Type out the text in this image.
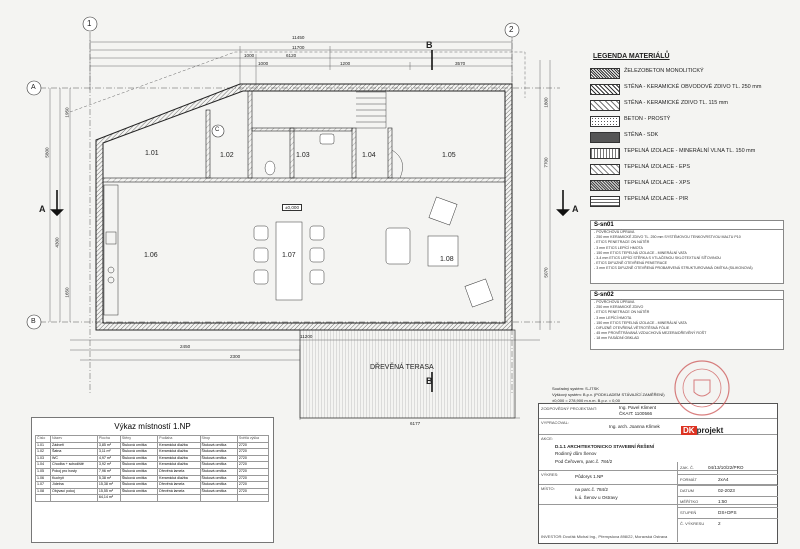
1
2
A
B
C
A	A
B
B
11450
11700
1000	6120
3570
1000	1200
11200
2450
2300
6177
5800
4300
1950
1650
7700
5070
1800
±0,000
1.01	1.02	1.03	1.04	1.05
1.06	1.07
1.08
DŘEVĚNÁ TERASA
LEGENDA MATERIÁLŮ
ŽELEZOBETON MONOLITICKÝ
STĚNA - KERAMICKÉ OBVODOVÉ ZDIVO TL. 250 mm
STĚNA - KERAMICKÉ ZDIVO TL. 115 mm
BETON - PROSTÝ
STĚNA - SDK
TEPELNÁ IZOLACE - MINERÁLNÍ VLNA TL. 150 mm
TEPELNÁ IZOLACE - EPS
TEPELNÁ IZOLACE - XPS
TEPELNÁ IZOLACE - PIR
S-sn01
- POVRCHOVÁ ÚPRAVA
- 250 mm KERAMICKÉ ZDIVO TL. 250 mm SYSTÉMOVOU TENKOVRSTVOU MALTU P10
- ETICS PENETRACE ON NÁTĚR
- 3 mm ETICS LEPÍCÍ HMOTA
- 150 mm ETICS TEPELNÁ IZOLACE - MINERÁLNÍ VATA
- 3-4 mm ETICS LEPÍCÍ STĚRKA S VTLAČENOU SKLOTEXTILNÍ SÍŤOVINOU
- ETICS DIFUZNĚ OTEVŘENÁ PENETRACE
- 3 mm ETICS DIFUZNĚ OTEVŘENÁ PROBARVENÁ STRUKTUROVANÁ OMÍTKA (SILIKONOVÁ)
S-sn02
- POVRCHOVÁ ÚPRAVA
- 250 mm KERAMICKÉ ZDIVO
- ETICS PENETRACE ON NÁTĚR
- 3 mm LEPÍCÍ HMOTA
- 150 mm ETICS TEPELNÁ IZOLACE - MINERÁLNÍ VATA
- DIFUZNĚ OTEVŘENÁ VĚTROTĚSNÁ FÓLIE
- 45 mm PROVĚTRÁVANÁ VZDUCHOVÁ MEZERA/DŘEVĚNÝ ROŠT
- 18 mm FASÁDNÍ OBKLAD
Souřadný systém: S-JTSK
Výškový systém: B.p.v. (PODKLADEM STÁVAJÍCÍ ZAMĚŘENÍ)
±0,000 = 278,900 m.n.m. B.p.v. = 0,00
Výkaz místností 1.NP
Číslo	Název	Plocha	Stěny	Podlaha	Strop	Světlá výška
1.01	Zádveří	3,85 m²	Štuková omítka	Keramická dlažba	Štuková omítka	2720
1.02	Šatna	3,11 m²	Štuková omítka	Keramická dlažba	Štuková omítka	2720
1.03	WC	4,97 m²	Štuková omítka	Keramická dlažba	Štuková omítka	2720
1.04	Chodba + schodiště	3,92 m²	Štuková omítka	Keramická dlažba	Štuková omítka	2720
1.05	Pokoj pro hosty	7,96 m²	Štuková omítka	Dřevěná lamela	Štuková omítka	2720
1.06	Kuchyň	5,38 m²	Štuková omítka	Keramická dlažba	Štuková omítka	2720
1.07	Jídelna	15,38 m²	Štuková omítka	Dřevěná lamela	Štuková omítka	2720
1.08	Obývací pokoj	15,55 m²	Štuková omítka	Dřevěná lamela	Štuková omítka	2720
		64,14 m²				
ZODPOVĚDNÝ PROJEKTANT:	Ing. Pavel Kliment
ČKAIT: 1100566
VYPRACOVAL:
Ing. arch. Joanna Klímek	DK projekt
AKCE:
D.1.1 ARCHITEKTONICKO STAVEBNÍ ŘEŠENÍ
Rodinný dům Šenov
Pod Čeřovem, parc.č. 784/2
VÝKRES:	Půdorys 1.NP
MÍSTO:	na parc.č. 784/2
k.ú. Šenov u Ostravy
INVESTOR: Dvořák Michal Ing., Přemyslova 898/22, Moravská Ostrava
ZAK. Č.	04/13/10/22/PRO
FORMÁT	2xA4
DATUM	02-2023
MĚŘÍTKO	1:50
STUPEŇ	DS+DPS
Č. VÝKRESU	2
